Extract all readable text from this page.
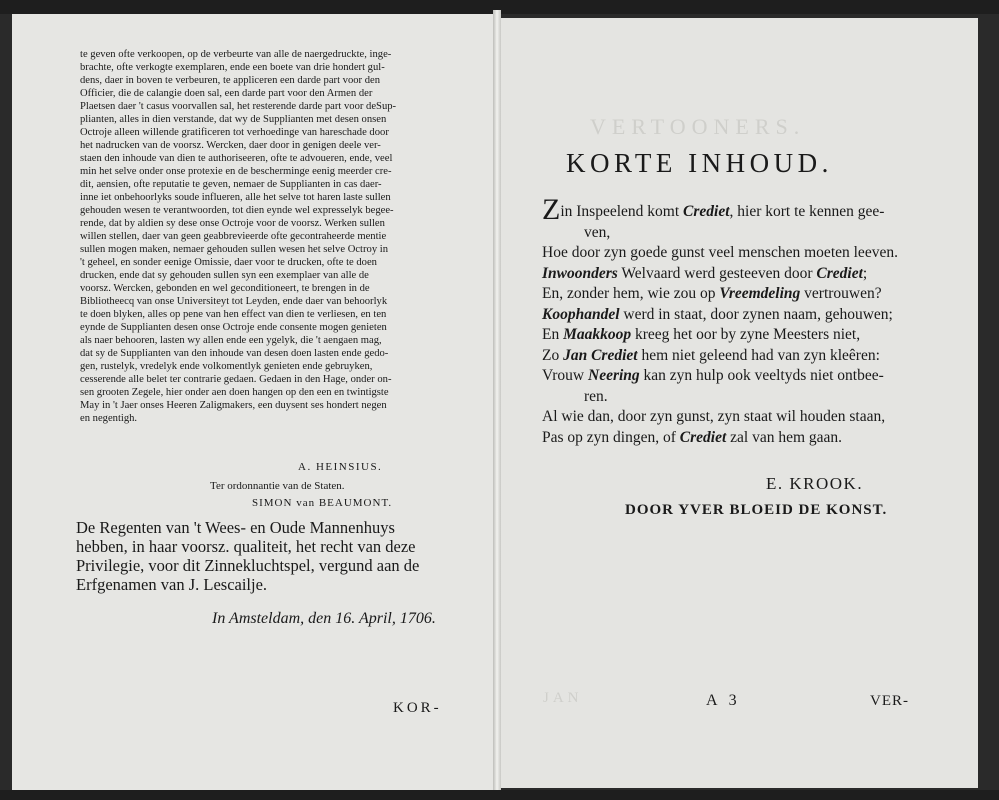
te geven ofte verkoopen, op de verbeurte van alle de naergedruckte, inge-
brachte, ofte verkogte exemplaren, ende een boete van drie hondert gul-
dens, daer in boven te verbeuren, te appliceren een darde part voor den
Officier, die de calangie doen sal, een darde part voor den Armen der
Plaetsen daer 't casus voorvallen sal, het resterende darde part voor deSup-
plianten, alles in dien verstande, dat wy de Supplianten met desen onsen
Octroje alleen willende gratificeren tot verhoedinge van hareschade door
het nadrucken van de voorsz. Wercken, daer door in genigen deele ver-
staen den inhoude van dien te authoriseeren, ofte te advoueren, ende, veel
min het selve onder onse protexie en de bescherminge eenig meerder cre-
dit, aensien, ofte reputatie te geven, nemaer de Supplianten in cas daer-
inne iet onbehoorlyks soude influeren, alle het selve tot haren laste sullen
gehouden wesen te verantwoorden, tot dien eynde wel expresselyk begee-
rende, dat by aldien sy dese onse Octroje voor de voorsz. Werken sullen
willen stellen, daer van geen geabbrevieerde ofte gecontraheerde mentie
sullen mogen maken, nemaer gehouden sullen wesen het selve Octroy in
't geheel, en sonder eenige Omissie, daer voor te drucken, ofte te doen
drucken, ende dat sy gehouden sullen syn een exemplaer van alle de
voorsz. Wercken, gebonden en wel geconditioneert, te brengen in de
Bibliotheecq van onse Universiteyt tot Leyden, ende daer van behoorlyk
te doen blyken, alles op pene van hen effect van dien te verliesen, en ten
eynde de Supplianten desen onse Octroje ende consente mogen genieten
als naer behooren, lasten wy allen ende een ygelyk, die 't aengaen mag,
dat sy de Supplianten van den inhoude van desen doen lasten ende gedo-
gen, rustelyk, vredelyk ende volkomentlyk genieten ende gebruyken,
cesserende alle belet ter contrarie gedaen. Gedaen in den Hage, onder on-
sen grooten Zegele, hier onder aen doen hangen op den een en twintigste
May in 't Jaer onses Heeren Zaligmakers, een duysent ses hondert negen
en negentigh.
A. HEINSIUS.
Ter ordonnantie van de Staten.
SIMON van BEAUMONT.
De Regenten van 't Wees- en Oude Mannenhuys
hebben, in haar voorsz. qualiteit, het recht van deze
Privilegie, voor dit Zinnekluchtspel, vergund aan de
Erfgenamen van J. Lescailje.
In Amsteldam, den 16. April, 1706.
KOR-
VERTOONERS.
KORTE INHOUD.
Zin Inspeelend komt Crediet, hier kort te kennen gee-
ven,
Hoe door zyn goede gunst veel menschen moeten leeven.
Inwoonders Welvaard werd gesteeven door Crediet;
En, zonder hem, wie zou op Vreemdeling vertrouwen?
Koophandel werd in staat, door zynen naam, gehouwen;
En Maakkoop kreeg het oor by zyne Meesters niet,
Zo Jan Crediet hem niet geleend had van zyn kleêren:
Vrouw Neering kan zyn hulp ook veeltyds niet ontbee-
ren.
Al wie dan, door zyn gunst, zyn staat wil houden staan,
Pas op zyn dingen, of Crediet zal van hem gaan.
E. KROOK.
DOOR YVER BLOEID DE KONST.
JAN	A 3	VER-
